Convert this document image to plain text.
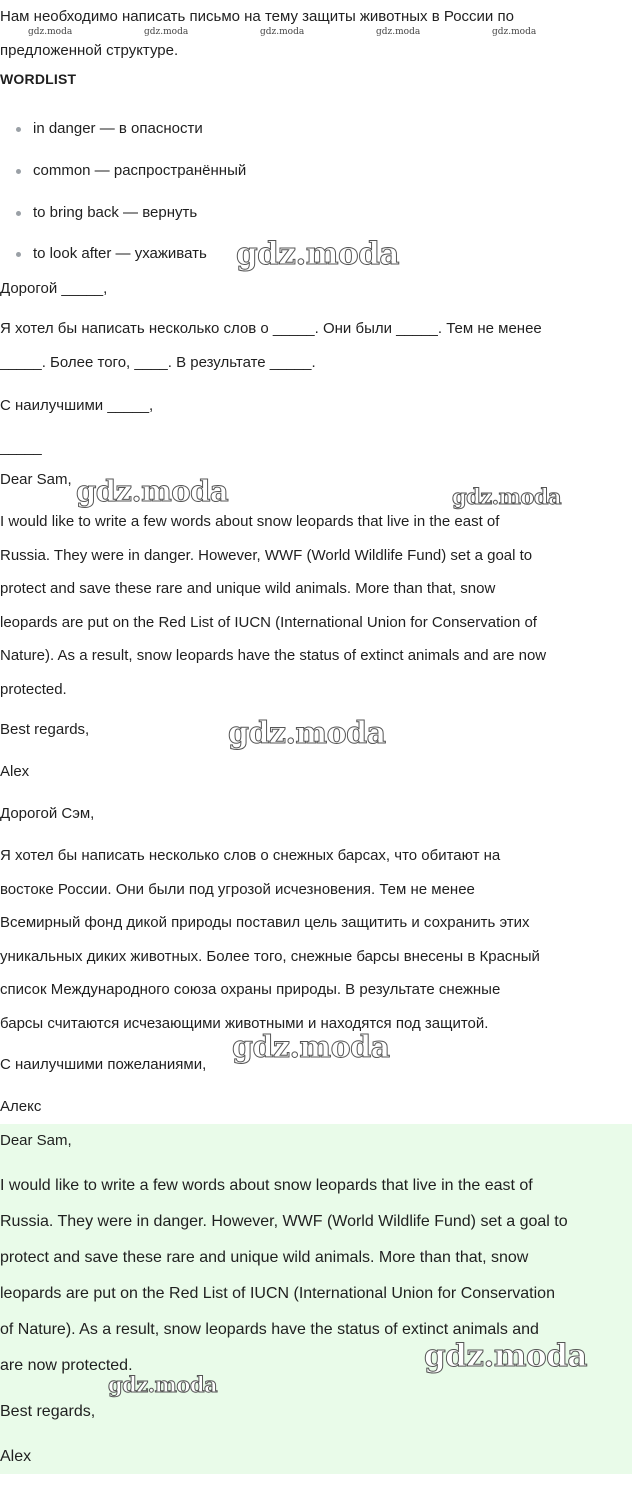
Нам необходимо написать письмо на тему защиты животных в России по
предложенной структуре.
gdz.moda	gdz.moda	gdz.moda	gdz.moda	gdz.moda
WORDLIST
in danger — в опасности
common — распространённый
to bring back — вернуть
to look after — ухаживать gdz.moda
Дорогой _____,
Я хотел бы написать несколько слов о _____. Они были _____. Тем не менее
_____. Более того, ____. В результате _____.
С наилучшими _____,
_____
Dear Sam, gdz.moda	gdz.moda
I would like to write a few words about snow leopards that live in the east of
Russia. They were in danger. However, WWF (World Wildlife Fund) set a goal to
protect and save these rare and unique wild animals. More than that, snow
leopards are put on the Red List of IUCN (International Union for Conservation of
Nature). As a result, snow leopards have the status of extinct animals and are now
protected.
Best regards,	gdz.moda
Alex
Дорогой Сэм,
Я хотел бы написать несколько слов о снежных барсах, что обитают на
востоке России. Они были под угрозой исчезновения. Тем не менее
Всемирный фонд дикой природы поставил цель защитить и сохранить этих
уникальных диких животных. Более того, снежные барсы внесены в Красный
список Международного союза охраны природы. В результате снежные
барсы считаются исчезающими животными и находятся под защитой.
С наилучшими пожеланиями, gdz.moda
Алекс
Dear Sam,
I would like to write a few words about snow leopards that live in the east of
Russia. They were in danger. However, WWF (World Wildlife Fund) set a goal to
protect and save these rare and unique wild animals. More than that, snow
leopards are put on the Red List of IUCN (International Union for Conservation
of Nature). As a result, snow leopards have the status of extinct animals and
are now protected.	gdz.moda
gdz.moda
Best regards,
Alex
